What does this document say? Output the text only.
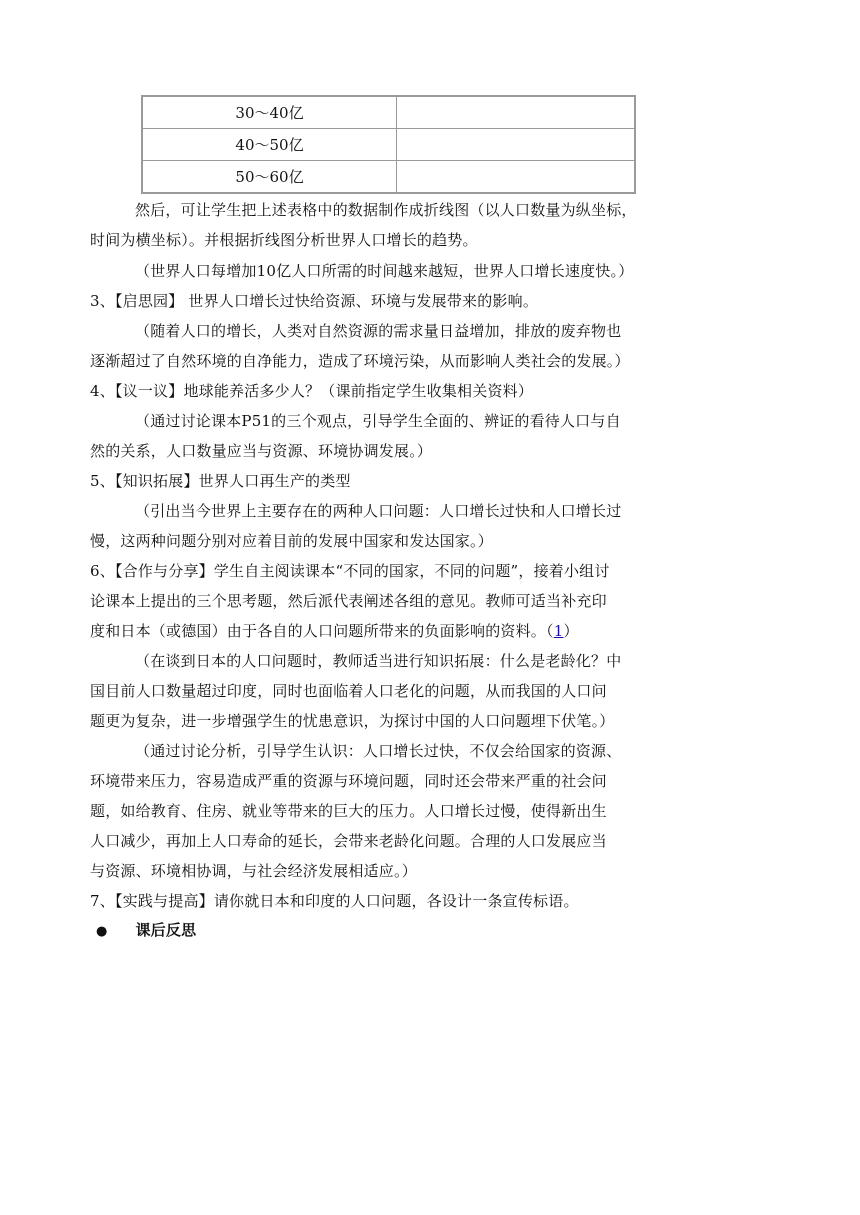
30～40亿	
40～50亿	
50～60亿	
然后，可让学生把上述表格中的数据制作成折线图（以人口数量为纵坐标，
时间为横坐标）。并根据折线图分析世界人口增长的趋势。
（世界人口每增加10亿人口所需的时间越来越短，世界人口增长速度快。）
3、【启思园】 世界人口增长过快给资源、环境与发展带来的影响。
（随着人口的增长，人类对自然资源的需求量日益增加，排放的废弃物也
逐渐超过了自然环境的自净能力，造成了环境污染，从而影响人类社会的发展。）
4、【议一议】地球能养活多少人？（课前指定学生收集相关资料）
（通过讨论课本P51的三个观点，引导学生全面的、辨证的看待人口与自
然的关系，人口数量应当与资源、环境协调发展。）
5、【知识拓展】世界人口再生产的类型
（引出当今世界上主要存在的两种人口问题：人口增长过快和人口增长过
慢，这两种问题分别对应着目前的发展中国家和发达国家。）
6、【合作与分享】学生自主阅读课本“不同的国家，不同的问题”，接着小组讨
论课本上提出的三个思考题，然后派代表阐述各组的意见。教师可适当补充印
度和日本（或德国）由于各自的人口问题所带来的负面影响的资料。（1）
（在谈到日本的人口问题时，教师适当进行知识拓展：什么是老龄化？中
国目前人口数量超过印度，同时也面临着人口老化的问题，从而我国的人口问
题更为复杂，进一步增强学生的忧患意识，为探讨中国的人口问题埋下伏笔。）
（通过讨论分析，引导学生认识：人口增长过快，不仅会给国家的资源、
环境带来压力，容易造成严重的资源与环境问题，同时还会带来严重的社会问
题，如给教育、住房、就业等带来的巨大的压力。人口增长过慢，使得新出生
人口减少，再加上人口寿命的延长，会带来老龄化问题。合理的人口发展应当
与资源、环境相协调，与社会经济发展相适应。）
7、【实践与提高】请你就日本和印度的人口问题，各设计一条宣传标语。
● 课后反思
